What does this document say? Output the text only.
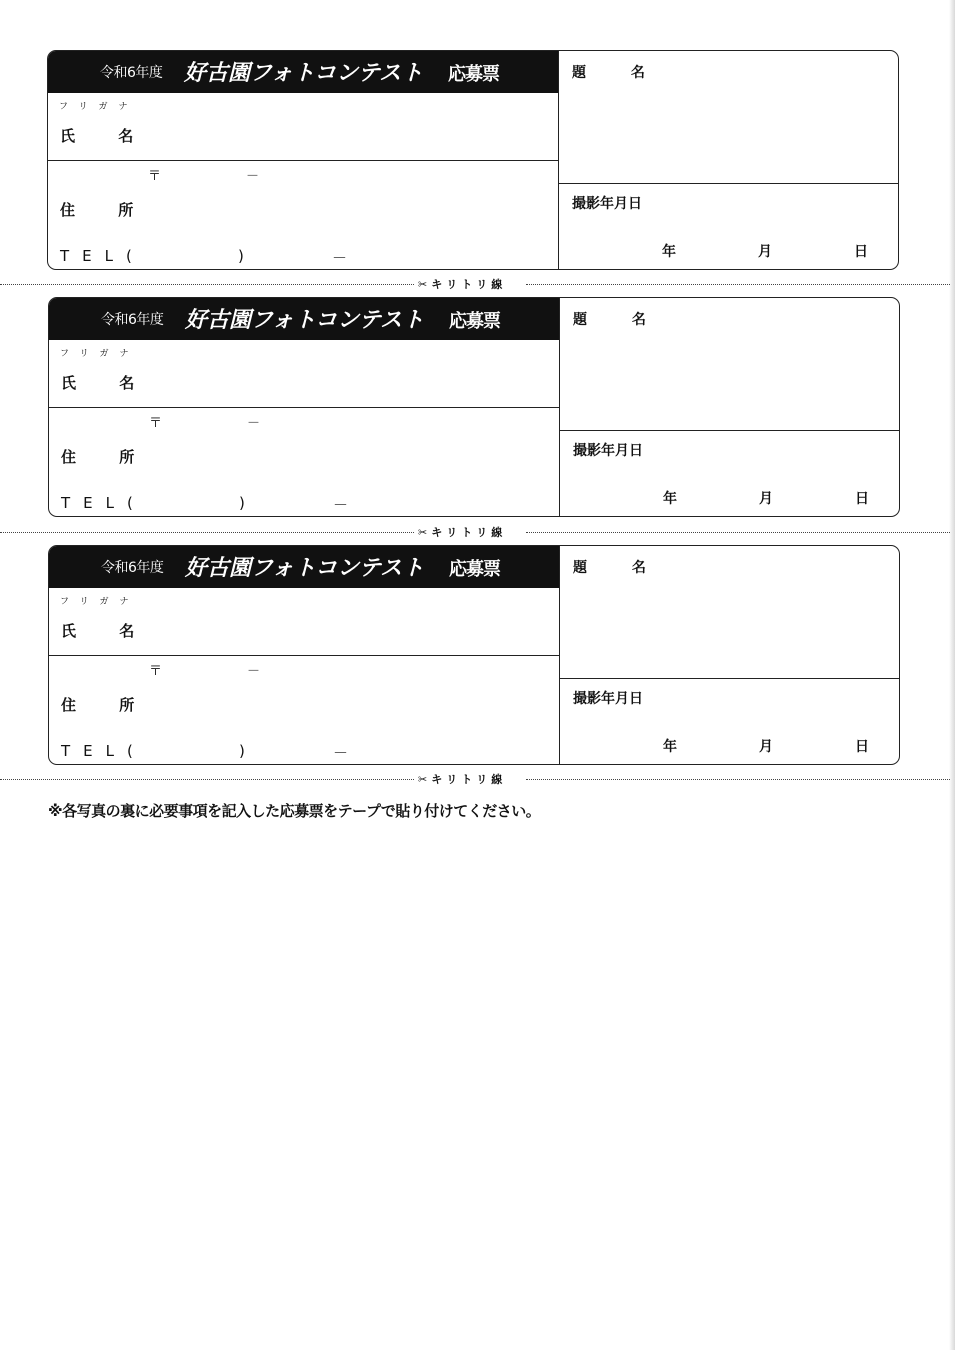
令和6年度 好古園フォトコンテスト 応募票
フリガナ
氏 名
〒	－
住 所
TEL(	)	－
題 名
撮影年月日
年	月	日
✂キリトリ線
令和6年度 好古園フォトコンテスト 応募票
フリガナ
氏 名
〒	－
住 所
TEL(	)	－
題 名
撮影年月日
年	月	日
✂キリトリ線
令和6年度 好古園フォトコンテスト 応募票
フリガナ
氏 名
〒	－
住 所
TEL(	)	－
題 名
撮影年月日
年	月	日
✂キリトリ線
※各写真の裏に必要事項を記入した応募票をテープで貼り付けてください。
